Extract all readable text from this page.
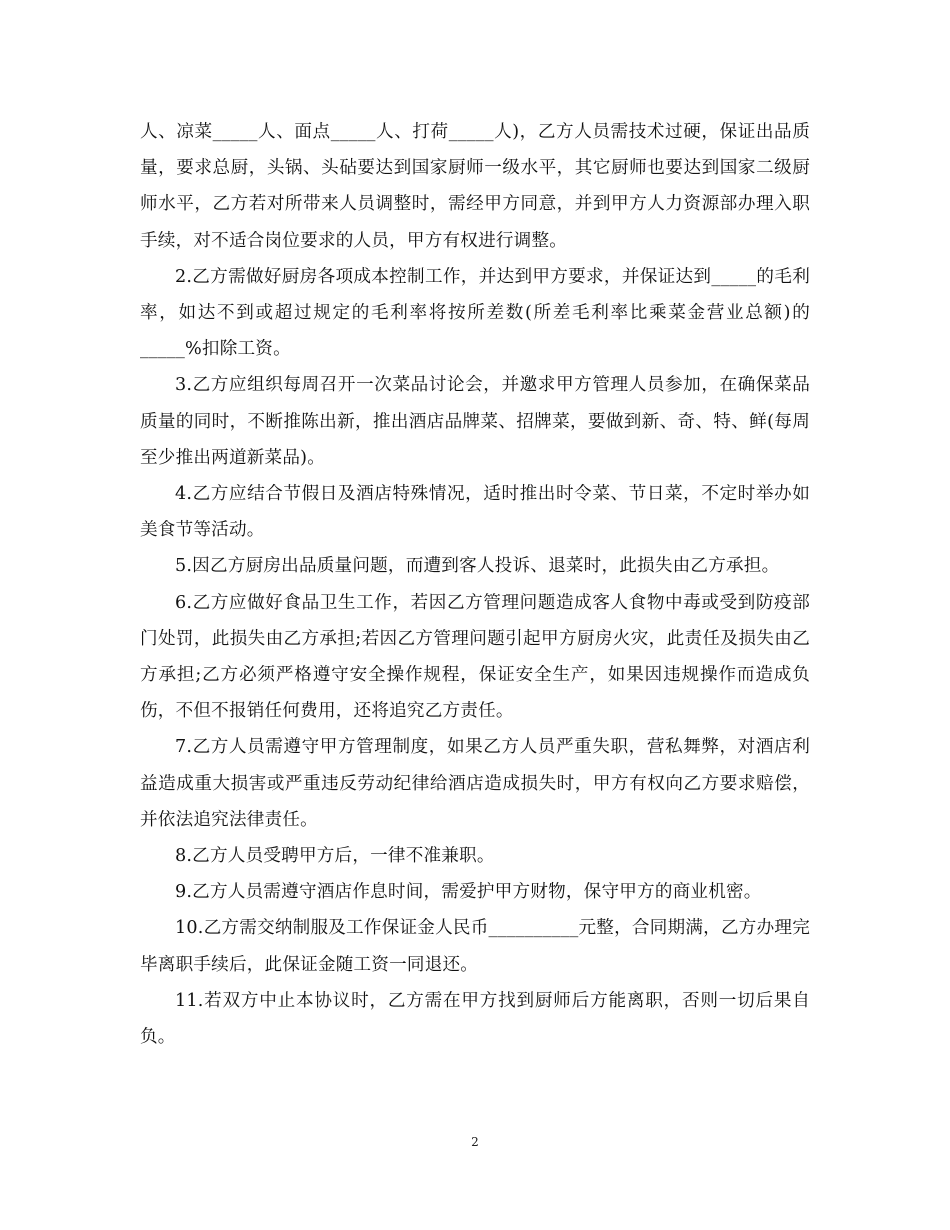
人、凉菜_____人、面点_____人、打荷_____人)，乙方人员需技术过硬，保证出品质量，要求总厨，头锅、头砧要达到国家厨师一级水平，其它厨师也要达到国家二级厨师水平，乙方若对所带来人员调整时，需经甲方同意，并到甲方人力资源部办理入职手续，对不适合岗位要求的人员，甲方有权进行调整。

2.乙方需做好厨房各项成本控制工作，并达到甲方要求，并保证达到_____的毛利率，如达不到或超过规定的毛利率将按所差数(所差毛利率比乘菜金营业总额)的_____%扣除工资。

3.乙方应组织每周召开一次菜品讨论会，并邀求甲方管理人员参加，在确保菜品质量的同时，不断推陈出新，推出酒店品牌菜、招牌菜，要做到新、奇、特、鲜(每周至少推出两道新菜品)。

4.乙方应结合节假日及酒店特殊情况，适时推出时令菜、节日菜，不定时举办如美食节等活动。

5.因乙方厨房出品质量问题，而遭到客人投诉、退菜时，此损失由乙方承担。

6.乙方应做好食品卫生工作，若因乙方管理问题造成客人食物中毒或受到防疫部门处罚，此损失由乙方承担;若因乙方管理问题引起甲方厨房火灾，此责任及损失由乙方承担;乙方必须严格遵守安全操作规程，保证安全生产，如果因违规操作而造成负伤，不但不报销任何费用，还将追究乙方责任。

7.乙方人员需遵守甲方管理制度，如果乙方人员严重失职，营私舞弊，对酒店利益造成重大损害或严重违反劳动纪律给酒店造成损失时，甲方有权向乙方要求赔偿，并依法追究法律责任。

8.乙方人员受聘甲方后，一律不准兼职。

9.乙方人员需遵守酒店作息时间，需爱护甲方财物，保守甲方的商业机密。

10.乙方需交纳制服及工作保证金人民币__________元整，合同期满，乙方办理完毕离职手续后，此保证金随工资一同退还。

11.若双方中止本协议时，乙方需在甲方找到厨师后方能离职，否则一切后果自负。

2
